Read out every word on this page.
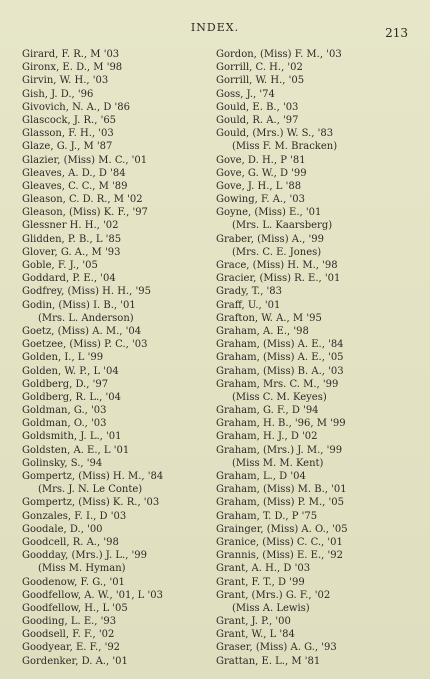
INDEX.	213
Girard, F. R., M '03
Gironx, E. D., M '98
Girvin, W. H., '03
Gish, J. D., '96
Givovich, N. A., D '86
Glascock, J. R., '65
Glasson, F. H., '03
Glaze, G. J., M '87
Glazier, (Miss) M. C., '01
Gleaves, A. D., D '84
Gleaves, C. C., M '89
Gleason, C. D. R., M '02
Gleason, (Miss) K. F., '97
Glessner H. H., '02
Glidden, P. B., L '85
Glover, G. A., M '93
Goble, F. J., '05
Goddard, P. E., '04
Godfrey, (Miss) H. H., '95
Godin, (Miss) I. B., '01
(Mrs. L. Anderson)
Goetz, (Miss) A. M., '04
Goetzee, (Miss) P. C., '03
Golden, I., L '99
Golden, W. P., L '04
Goldberg, D., '97
Goldberg, R. L., '04
Goldman, G., '03
Goldman, O., '03
Goldsmith, J. L., '01
Goldsten, A. E., L '01
Golinsky, S., '94
Gompertz, (Miss) H. M., '84
(Mrs. J. N. Le Conte)
Gompertz, (Miss) K. R., '03
Gonzales, F. I., D '03
Goodale, D., '00
Goodcell, R. A., '98
Goodday, (Mrs.) J. L., '99
(Miss M. Hyman)
Goodenow, F. G., '01
Goodfellow, A. W., '01, L '03
Goodfellow, H., L '05
Gooding, L. E., '93
Goodsell, F. F., '02
Goodyear, E. F., '92
Gordenker, D. A., '01
Gordon, (Miss) F. M., '03
Gorrill, C. H., '02
Gorrill, W. H., '05
Goss, J., '74
Gould, E. B., '03
Gould, R. A., '97
Gould, (Mrs.) W. S., '83
(Miss F. M. Bracken)
Gove, D. H., P '81
Gove, G. W., D '99
Gove, J. H., L '88
Gowing, F. A., '03
Goyne, (Miss) E., '01
(Mrs. L. Kaarsberg)
Graber, (Miss) A., '99
(Mrs. C. E. Jones)
Grace, (Miss) H. M., '98
Gracier, (Miss) R. E., '01
Grady, T., '83
Graff, U., '01
Grafton, W. A., M '95
Graham, A. E., '98
Graham, (Miss) A. E., '84
Graham, (Miss) A. E., '05
Graham, (Miss) B. A., '03
Graham, Mrs. C. M., '99
(Miss C. M. Keyes)
Graham, G. F., D '94
Graham, H. B., '96, M '99
Graham, H. J., D '02
Graham, (Mrs.) J. M., '99
(Miss M. M. Kent)
Graham, L., D '04
Graham, (Miss) M. B., '01
Graham, (Miss) P. M., '05
Graham, T. D., P '75
Grainger, (Miss) A. O., '05
Granice, (Miss) C. C., '01
Grannis, (Miss) E. E., '92
Grant, A. H., D '03
Grant, F. T., D '99
Grant, (Mrs.) G. F., '02
(Miss A. Lewis)
Grant, J. P., '00
Grant, W., L '84
Graser, (Miss) A. G., '93
Grattan, E. L., M '81
